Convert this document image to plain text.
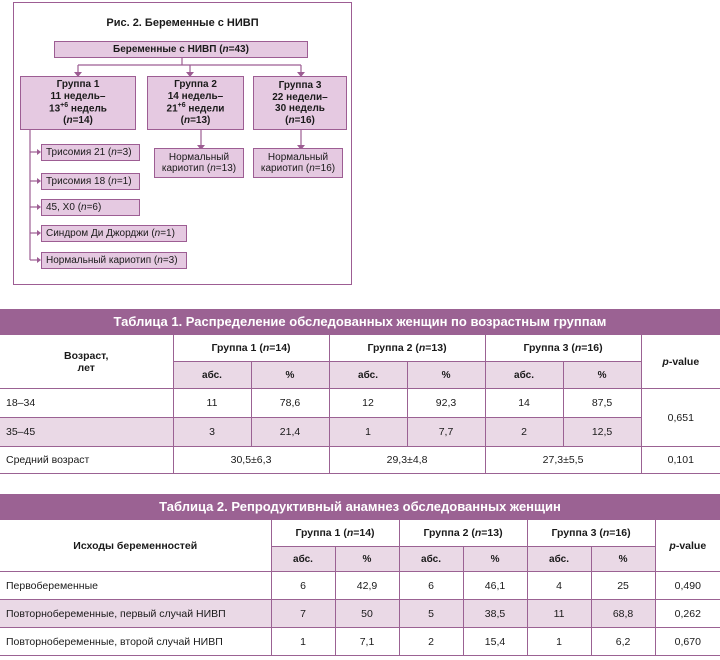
Рис. 2. Беременные с НИВП
Беременные с НИВП ( n =43)
Группа 1
11 недель–
$13^{+6}$ недель
(n=14)
Группа 2
14 недель–
$21^{+6}$ недели
(n=13)
Группа 3
22 недели–
30 недель
(n=16)
Трисомия 21 ( n =3)
Трисомия 18 ( n =1)
45, X0 ( n =6)
Синдром Ди Джорджи ( n =1)
Нормальный кариотип ( n =3)
Нормальный
кариотип (n=13)
Нормальный
кариотип (n=16)
Таблица 1. Распределение обследованных женщин по возрастным группам
Возраст,
лет	Группа 1 (n=14)		Группа 2 (n=13)		Группа 3 (n=16)		p-value
	абс.	%	абс.	%	абс.	%	
18–34	11	78,6	12	92,3	14	87,5	0,651
35–45	3	21,4	1	7,7	2	12,5	
Средний возраст	30,5±6,3		29,3±4,8		27,3±5,5		0,101
Таблица 2. Репродуктивный анамнез обследованных женщин
Исходы беременностей	Группа 1 (n=14)		Группа 2 (n=13)		Группа 3 (n=16)		p-value
	абс.	%	абс.	%	абс.	%	
Первобеременные	6	42,9	6	46,1	4	25	0,490
Повторнобеременные, первый случай НИВП	7	50	5	38,5	11	68,8	0,262
Повторнобеременные, второй случай НИВП	1	7,1	2	15,4	1	6,2	0,670
